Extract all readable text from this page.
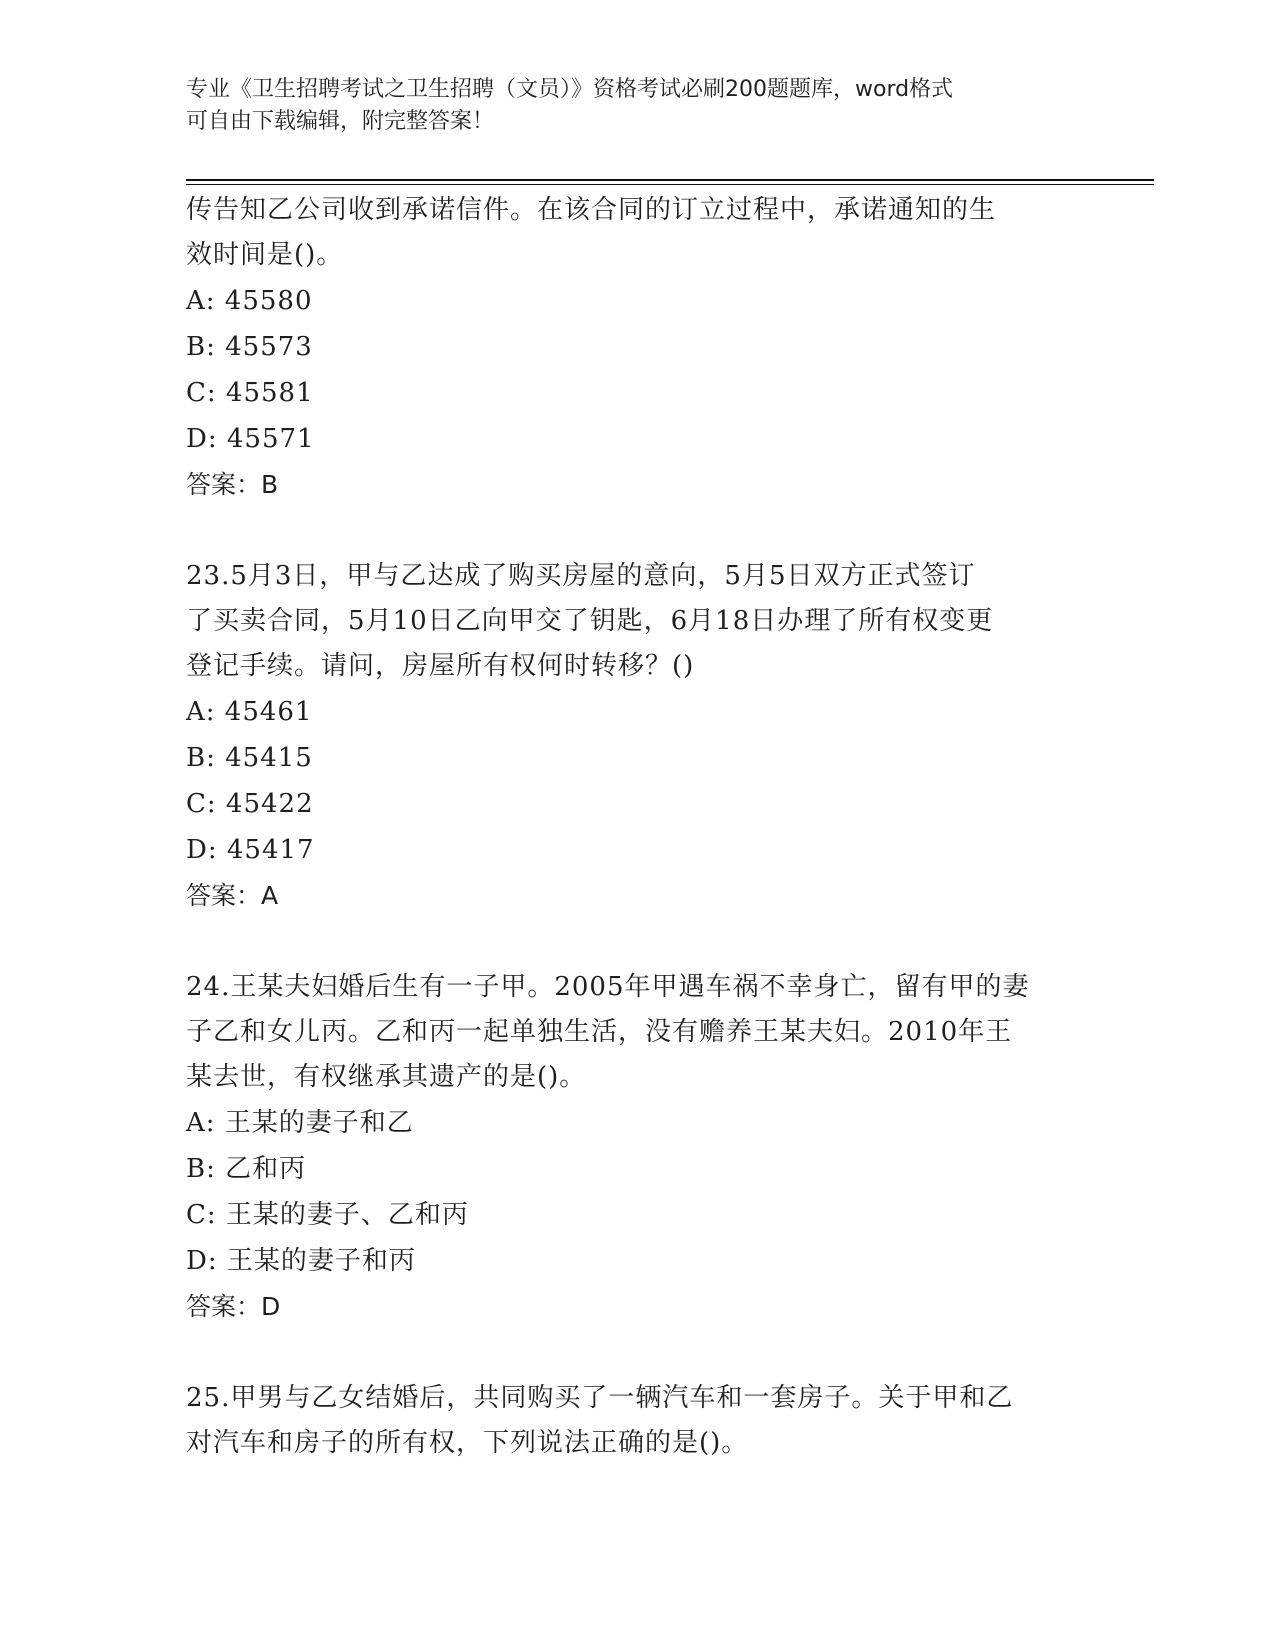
专业《卫生招聘考试之卫生招聘（文员）》资格考试必刷200题题库，word格式
可自由下载编辑，附完整答案！
传告知乙公司收到承诺信件。在该合同的订立过程中，承诺通知的生
效时间是()。
A: 45580
B: 45573
C: 45581
D: 45571
答案：B
23.5月3日，甲与乙达成了购买房屋的意向，5月5日双方正式签订
了买卖合同，5月10日乙向甲交了钥匙，6月18日办理了所有权变更
登记手续。请问，房屋所有权何时转移？()
A: 45461
B: 45415
C: 45422
D: 45417
答案：A
24.王某夫妇婚后生有一子甲。2005年甲遇车祸不幸身亡，留有甲的妻
子乙和女儿丙。乙和丙一起单独生活，没有赡养王某夫妇。2010年王
某去世，有权继承其遗产的是()。
A: 王某的妻子和乙
B: 乙和丙
C: 王某的妻子、乙和丙
D: 王某的妻子和丙
答案：D
25.甲男与乙女结婚后，共同购买了一辆汽车和一套房子。关于甲和乙
对汽车和房子的所有权，下列说法正确的是()。
